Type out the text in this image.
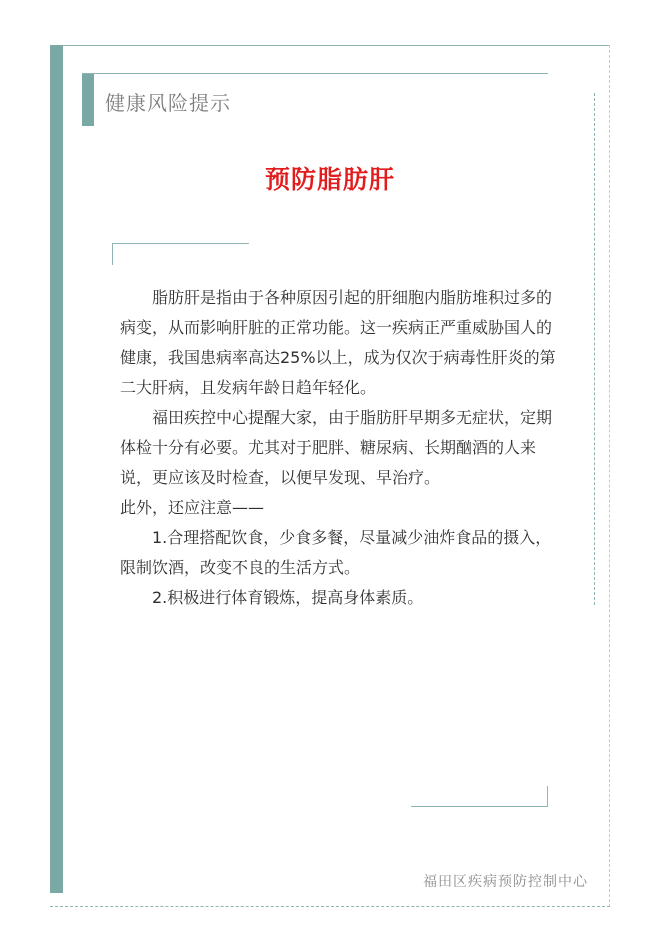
健康风险提示
预防脂肪肝

脂肪肝是指由于各种原因引起的肝细胞内脂肪堆积过多的病变，从而影响肝脏的正常功能。这一疾病正严重威胁国人的健康，我国患病率高达25%以上，成为仅次于病毒性肝炎的第二大肝病，且发病年龄日趋年轻化。

福田疾控中心提醒大家，由于脂肪肝早期多无症状，定期体检十分有必要。尤其对于肥胖、糖尿病、长期酗酒的人来说，更应该及时检查，以便早发现、早治疗。

此外，还应注意——

1.合理搭配饮食，少食多餐，尽量减少油炸食品的摄入，限制饮酒，改变不良的生活方式。

2.积极进行体育锻炼，提高身体素质。

福田区疾病预防控制中心
